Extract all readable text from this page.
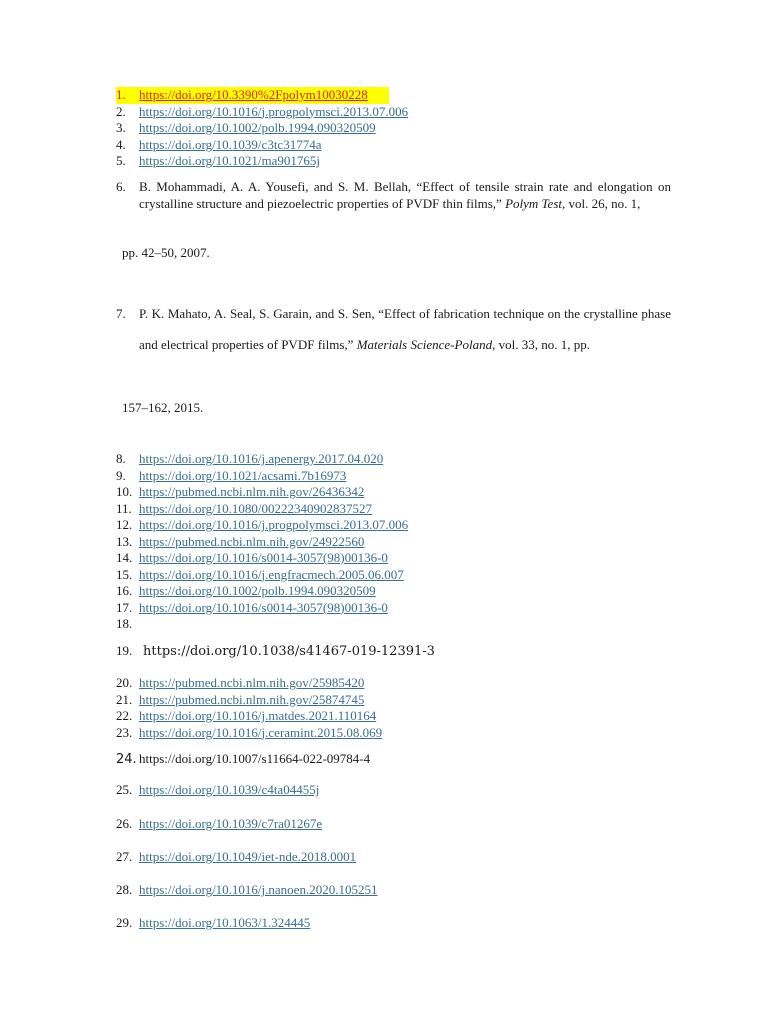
1. https://doi.org/10.3390%2Fpolym10030228
2. https://doi.org/10.1016/j.progpolymsci.2013.07.006
3. https://doi.org/10.1002/polb.1994.090320509
4. https://doi.org/10.1039/c3tc31774a
5. https://doi.org/10.1021/ma901765j
6.	B. Mohammadi, A. A. Yousefi, and S. M. Bellah, “Effect of tensile strain rate and elongation on crystalline structure and piezoelectric properties of PVDF thin films,” Polym Test, vol. 26, no. 1,
pp. 42–50, 2007.
7.	P. K. Mahato, A. Seal, S. Garain, and S. Sen, “Effect of fabrication technique on the crystalline phase and electrical properties of PVDF films,” Materials Science-Poland, vol. 33, no. 1, pp.
157–162, 2015.
8. https://doi.org/10.1016/j.apenergy.2017.04.020
9. https://doi.org/10.1021/acsami.7b16973
10. https://pubmed.ncbi.nlm.nih.gov/26436342
11. https://doi.org/10.1080/00222340902837527
12. https://doi.org/10.1016/j.progpolymsci.2013.07.006
13. https://pubmed.ncbi.nlm.nih.gov/24922560
14. https://doi.org/10.1016/s0014-3057(98)00136-0
15. https://doi.org/10.1016/j.engfracmech.2005.06.007
16. https://doi.org/10.1002/polb.1994.090320509
17. https://doi.org/10.1016/s0014-3057(98)00136-0
18.
19. https://doi.org/10.1038/s41467-019-12391-3
20. https://pubmed.ncbi.nlm.nih.gov/25985420
21. https://pubmed.ncbi.nlm.nih.gov/25874745
22. https://doi.org/10.1016/j.matdes.2021.110164
23. https://doi.org/10.1016/j.ceramint.2015.08.069
24. https://doi.org/10.1007/s11664-022-09784-4
25. https://doi.org/10.1039/c4ta04455j
26. https://doi.org/10.1039/c7ra01267e
27. https://doi.org/10.1049/iet-nde.2018.0001
28. https://doi.org/10.1016/j.nanoen.2020.105251
29. https://doi.org/10.1063/1.324445
